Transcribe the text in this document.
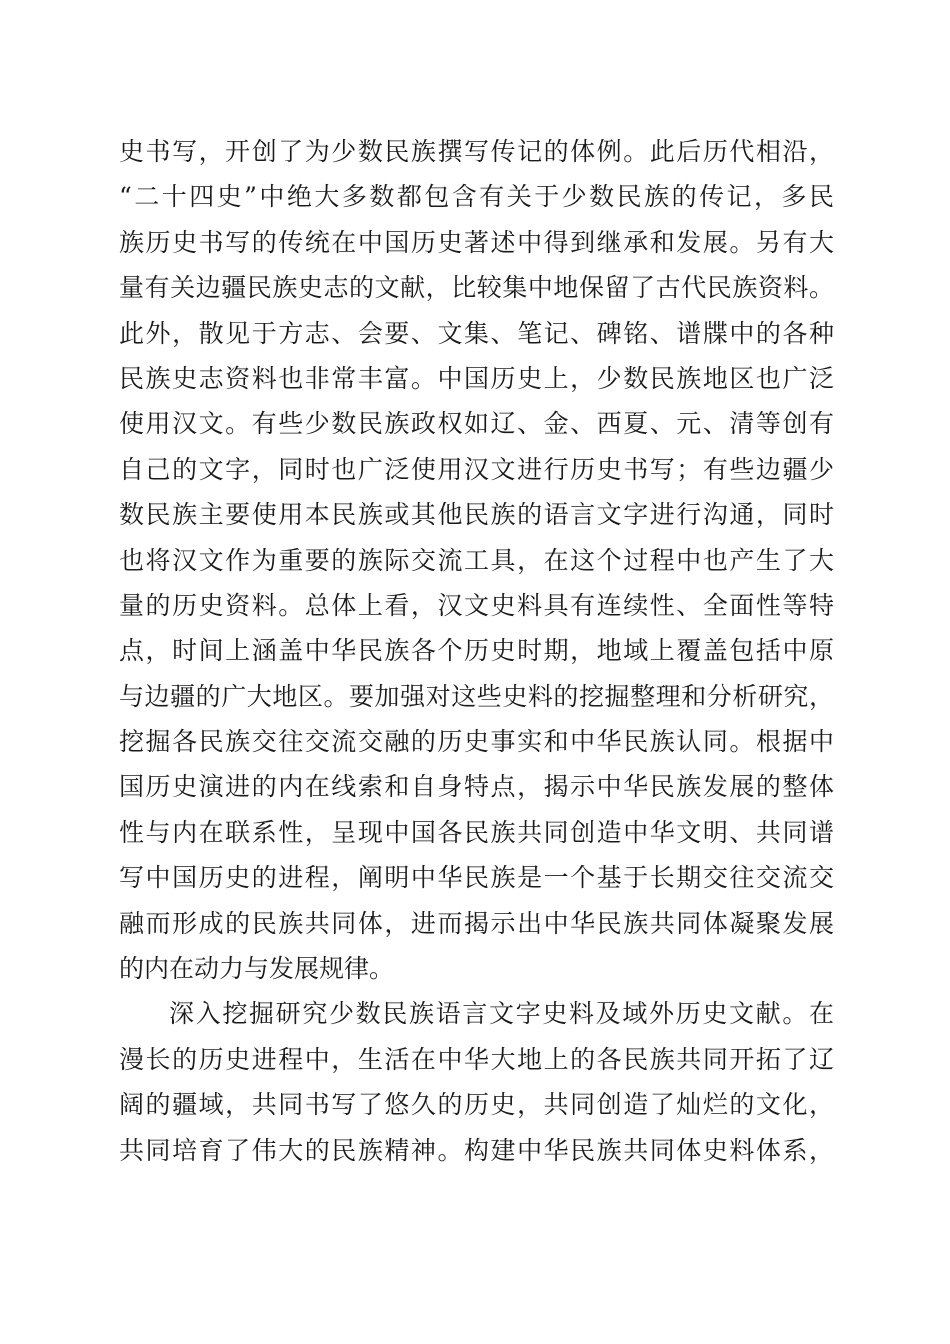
史书写，开创了为少数民族撰写传记的体例。此后历代相沿，
“二十四史”中绝大多数都包含有关于少数民族的传记，多民
族历史书写的传统在中国历史著述中得到继承和发展。另有大
量有关边疆民族史志的文献，比较集中地保留了古代民族资料。
此外，散见于方志、会要、文集、笔记、碑铭、谱牒中的各种
民族史志资料也非常丰富。中国历史上，少数民族地区也广泛
使用汉文。有些少数民族政权如辽、金、西夏、元、清等创有
自己的文字，同时也广泛使用汉文进行历史书写；有些边疆少
数民族主要使用本民族或其他民族的语言文字进行沟通，同时
也将汉文作为重要的族际交流工具，在这个过程中也产生了大
量的历史资料。总体上看，汉文史料具有连续性、全面性等特
点，时间上涵盖中华民族各个历史时期，地域上覆盖包括中原
与边疆的广大地区。要加强对这些史料的挖掘整理和分析研究，
挖掘各民族交往交流交融的历史事实和中华民族认同。根据中
国历史演进的内在线索和自身特点，揭示中华民族发展的整体
性与内在联系性，呈现中国各民族共同创造中华文明、共同谱
写中国历史的进程，阐明中华民族是一个基于长期交往交流交
融而形成的民族共同体，进而揭示出中华民族共同体凝聚发展
的内在动力与发展规律。
深入挖掘研究少数民族语言文字史料及域外历史文献。在
漫长的历史进程中，生活在中华大地上的各民族共同开拓了辽
阔的疆域，共同书写了悠久的历史，共同创造了灿烂的文化，
共同培育了伟大的民族精神。构建中华民族共同体史料体系，
